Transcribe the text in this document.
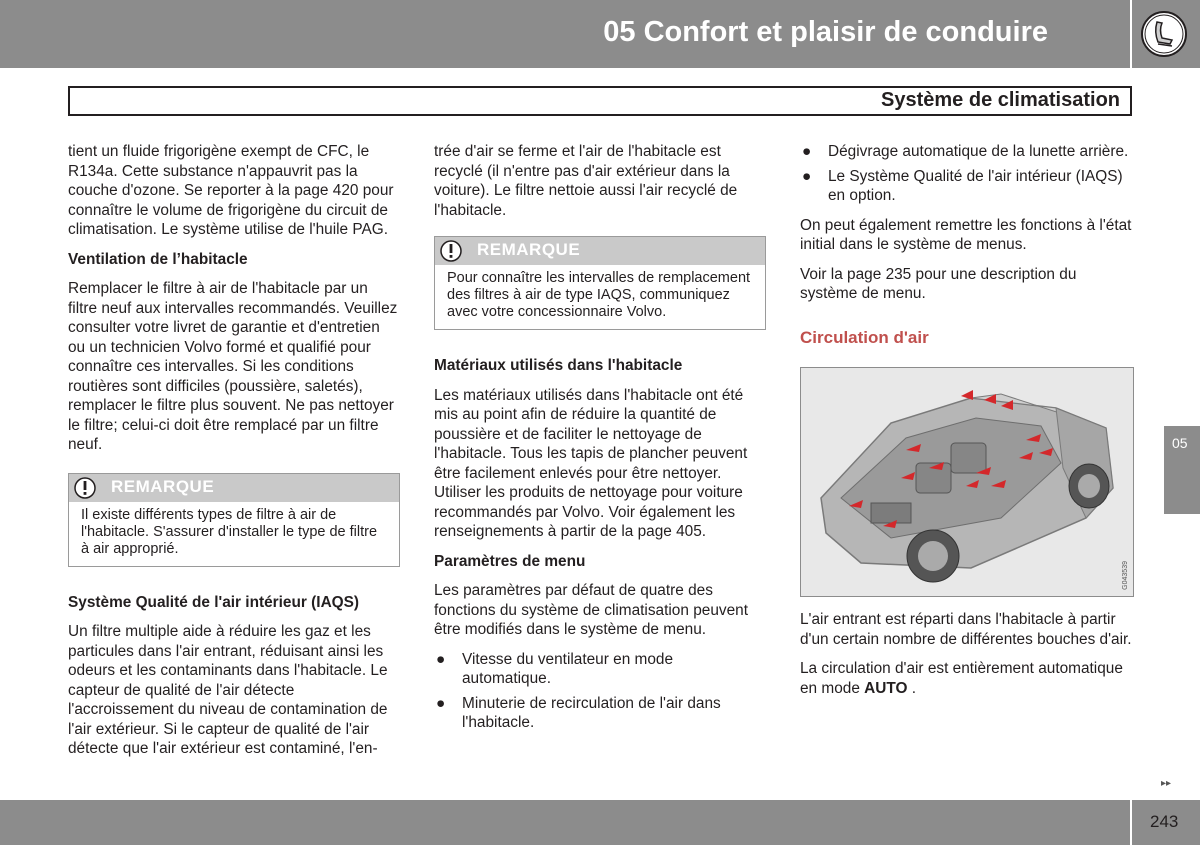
05 Confort et plaisir de conduire
Système de climatisation

tient un fluide frigorigène exempt de CFC, le R134a. Cette substance n'appauvrit pas la couche d'ozone. Se reporter à la page 420 pour connaître le volume de frigorigène du circuit de climatisation. Le système utilise de l'huile PAG.

Ventilation de l’habitacle

Remplacer le filtre à air de l'habitacle par un filtre neuf aux intervalles recommandés. Veuillez consulter votre livret de garantie et d'entretien ou un technicien Volvo formé et qualifié pour connaître ces intervalles. Si les conditions routières sont difficiles (poussière, saletés), remplacer le filtre plus souvent. Ne pas nettoyer le filtre; celui-ci doit être remplacé par un filtre neuf.

REMARQUE
Il existe différents types de filtre à air de l'habitacle. S'assurer d'installer le type de filtre à air approprié.

Système Qualité de l'air intérieur (IAQS)

Un filtre multiple aide à réduire les gaz et les particules dans l'air entrant, réduisant ainsi les odeurs et les contaminants dans l'habitacle. Le capteur de qualité de l'air détecte l'accroissement du niveau de contamination de l'air extérieur. Si le capteur de qualité de l'air détecte que l'air extérieur est contaminé, l'en-

trée d'air se ferme et l'air de l'habitacle est recyclé (il n'entre pas d'air extérieur dans la voiture). Le filtre nettoie aussi l'air recyclé de l'habitacle.

REMARQUE
Pour connaître les intervalles de remplacement des filtres à air de type IAQS, communiquez avec votre concessionnaire Volvo.

Matériaux utilisés dans l'habitacle

Les matériaux utilisés dans l'habitacle ont été mis au point afin de réduire la quantité de poussière et de faciliter le nettoyage de l'habitacle. Tous les tapis de plancher peuvent être facilement enlevés pour être nettoyer. Utiliser les produits de nettoyage pour voiture recommandés par Volvo. Voir également les renseignements à partir de la page 405.

Paramètres de menu

Les paramètres par défaut de quatre des fonctions du système de climatisation peuvent être modifiés dans le système de menu.

● Vitesse du ventilateur en mode automatique.
● Minuterie de recirculation de l'air dans l'habitacle.
● Dégivrage automatique de la lunette arrière.
● Le Système Qualité de l'air intérieur (IAQS) en option.

On peut également remettre les fonctions à l'état initial dans le système de menus.

Voir la page 235 pour une description du système de menu.

Circulation d'air

G043539

L'air entrant est réparti dans l'habitacle à partir d'un certain nombre de différentes bouches d'air.

La circulation d'air est entièrement automatique en mode AUTO .

05
▸▸
243
